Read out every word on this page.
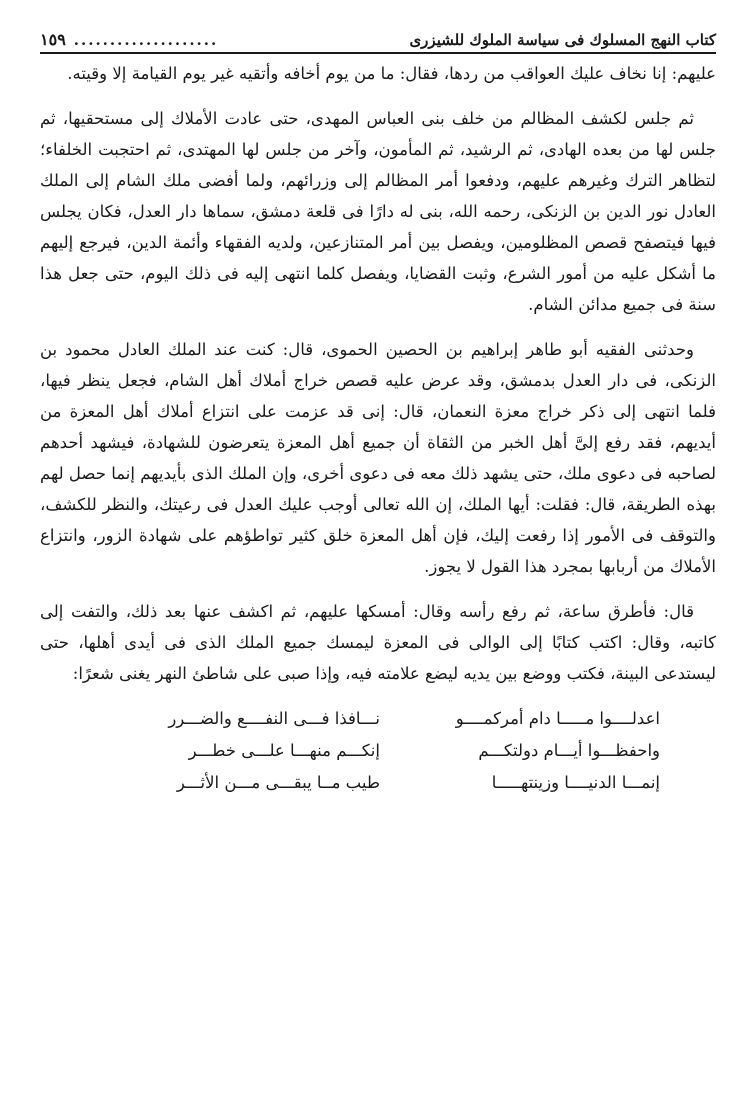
كتاب النهج المسلوك فى سياسة الملوك للشيزرى
....................
١٥٩

عليهم: إنا نخاف عليك العواقب من ردها، فقال: ما من يوم أخافه وأتقيه غير يوم القيامة إلا وقيته.

ثم جلس لكشف المظالم من خلف بنى العباس المهدى، حتى عادت الأملاك إلى مستحقيها، ثم جلس لها من بعده الهادى، ثم الرشيد، ثم المأمون، وآخر من جلس لها المهتدى، ثم احتجبت الخلفاء؛ لتظاهر الترك وغيرهم عليهم، ودفعوا أمر المظالم إلى وزرائهم، ولما أفضى ملك الشام إلى الملك العادل نور الدين بن الزنكى، رحمه الله، بنى له دارًا فى قلعة دمشق، سماها دار العدل، فكان يجلس فيها فيتصفح قصص المظلومين، ويفصل بين أمر المتنازعين، ولديه الفقهاء وأئمة الدين، فيرجع إليهم ما أشكل عليه من أمور الشرع، وثبت القضايا، ويفصل كلما انتهى إليه فى ذلك اليوم، حتى جعل هذا سنة فى جميع مدائن الشام.

وحدثنى الفقيه أبو طاهر إبراهيم بن الحصين الحموى، قال: كنت عند الملك العادل محمود بن الزنكى، فى دار العدل بدمشق، وقد عرض عليه قصص خراج أملاك أهل الشام، فجعل ينظر فيها، فلما انتهى إلى ذكر خراج معزة النعمان، قال: إنى قد عزمت على انتزاع أملاك أهل المعزة من أيديهم، فقد رفع إلىَّ أهل الخبر من الثقاة أن جميع أهل المعزة يتعرضون للشهادة، فيشهد أحدهم لصاحبه فى دعوى ملك، حتى يشهد ذلك معه فى دعوى أخرى، وإن الملك الذى بأيديهم إنما حصل لهم بهذه الطريقة، قال: فقلت: أيها الملك، إن الله تعالى أوجب عليك العدل فى رعيتك، والنظر للكشف، والتوقف فى الأمور إذا رفعت إليك، فإن أهل المعزة خلق كثير تواطؤهم على شهادة الزور، وانتزاع الأملاك من أربابها بمجرد هذا القول لا يجوز.

قال: فأطرق ساعة، ثم رفع رأسه وقال: أمسكها عليهم، ثم اكشف عنها بعد ذلك، والتفت إلى كاتبه، وقال: اكتب كتابًا إلى الوالى فى المعزة ليمسك جميع الملك الذى فى أيدى أهلها، حتى ليستدعى البينة، فكتب ووضع بين يديه ليضع علامته فيه، وإذا صبى على شاطئ النهر يغنى شعرًا:

اعدلــــوا مـــــا دام أمركمــــو
نـــافذا فـــى النفــــع والضـــرر
واحفظـــوا أيـــام دولتكـــم
إنكـــم منهـــا علـــى خطـــر
إنمـــا الدنيــــا وزينتهـــــا
طيب مــا يبقـــى مـــن الأثـــر
